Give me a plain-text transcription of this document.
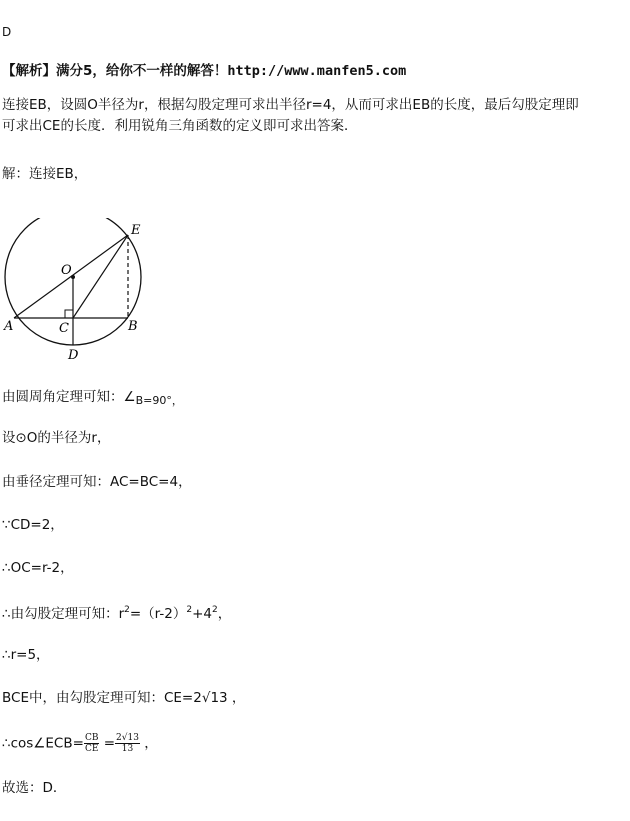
D
【解析】满分5，给你不一样的解答！http://www.manfen5.com
连接EB，设圆O半径为r，根据勾股定理可求出半径r=4，从而可求出EB的长度，最后勾股定理即
可求出CE的长度．利用锐角三角函数的定义即可求出答案．
解：连接EB，
E
O
A	C	B
D
由圆周角定理可知：$\angle_{B=90^\circ,}$
设⊙O的半径为r，
由垂径定理可知：AC=BC=4，
∵CD=2，
∴OC=r-2，
∴由勾股定理可知：$r^2=(r-2)^2+4^2$，
∴r=5，
BCE中，由勾股定理可知：CE=2√13 ，
∴cos∠ECB= $\frac{CB}{CE} = \frac{2√13}{13}$ ，
故选：D．
